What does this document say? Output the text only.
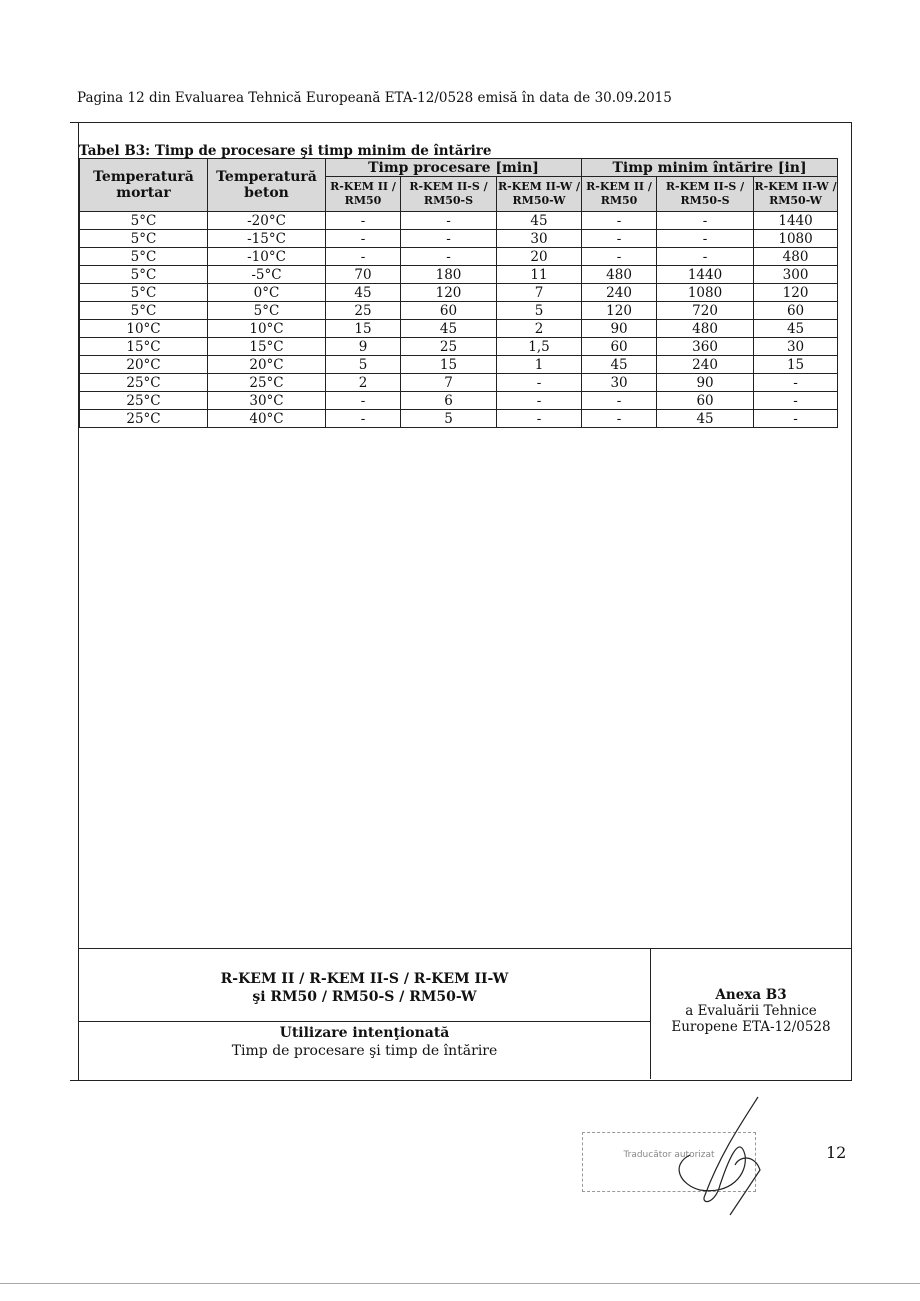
Pagina 12 din Evaluarea Tehnică Europeană ETA-12/0528 emisă în data de 30.09.2015
Tabel B3: Timp de procesare şi timp minim de întărire
Temperatură mortar	Temperatură beton	Timp procesare [min]			Timp minim întărire [in]		
		R-KEM II / RM50	R-KEM II-S / RM50-S	R-KEM II-W / RM50-W	R-KEM II / RM50	R-KEM II-S / RM50-S	R-KEM II-W / RM50-W
5°C	-20°C	-	-	45	-	-	1440
5°C	-15°C	-	-	30	-	-	1080
5°C	-10°C	-	-	20	-	-	480
5°C	-5°C	70	180	11	480	1440	300
5°C	0°C	45	120	7	240	1080	120
5°C	5°C	25	60	5	120	720	60
10°C	10°C	15	45	2	90	480	45
15°C	15°C	9	25	1,5	60	360	30
20°C	20°C	5	15	1	45	240	15
25°C	25°C	2	7	-	30	90	-
25°C	30°C	-	6	-	-	60	-
25°C	40°C	-	5	-	-	45	-
R-KEM II / R-KEM II-S / R-KEM II-W
şi RM50 / RM50-S / RM50-W
Utilizare intenţionată
Timp de procesare şi timp de întărire
Anexa B3
a Evaluării Tehnice
Europene ETA-12/0528
Traducător autorizat	12
